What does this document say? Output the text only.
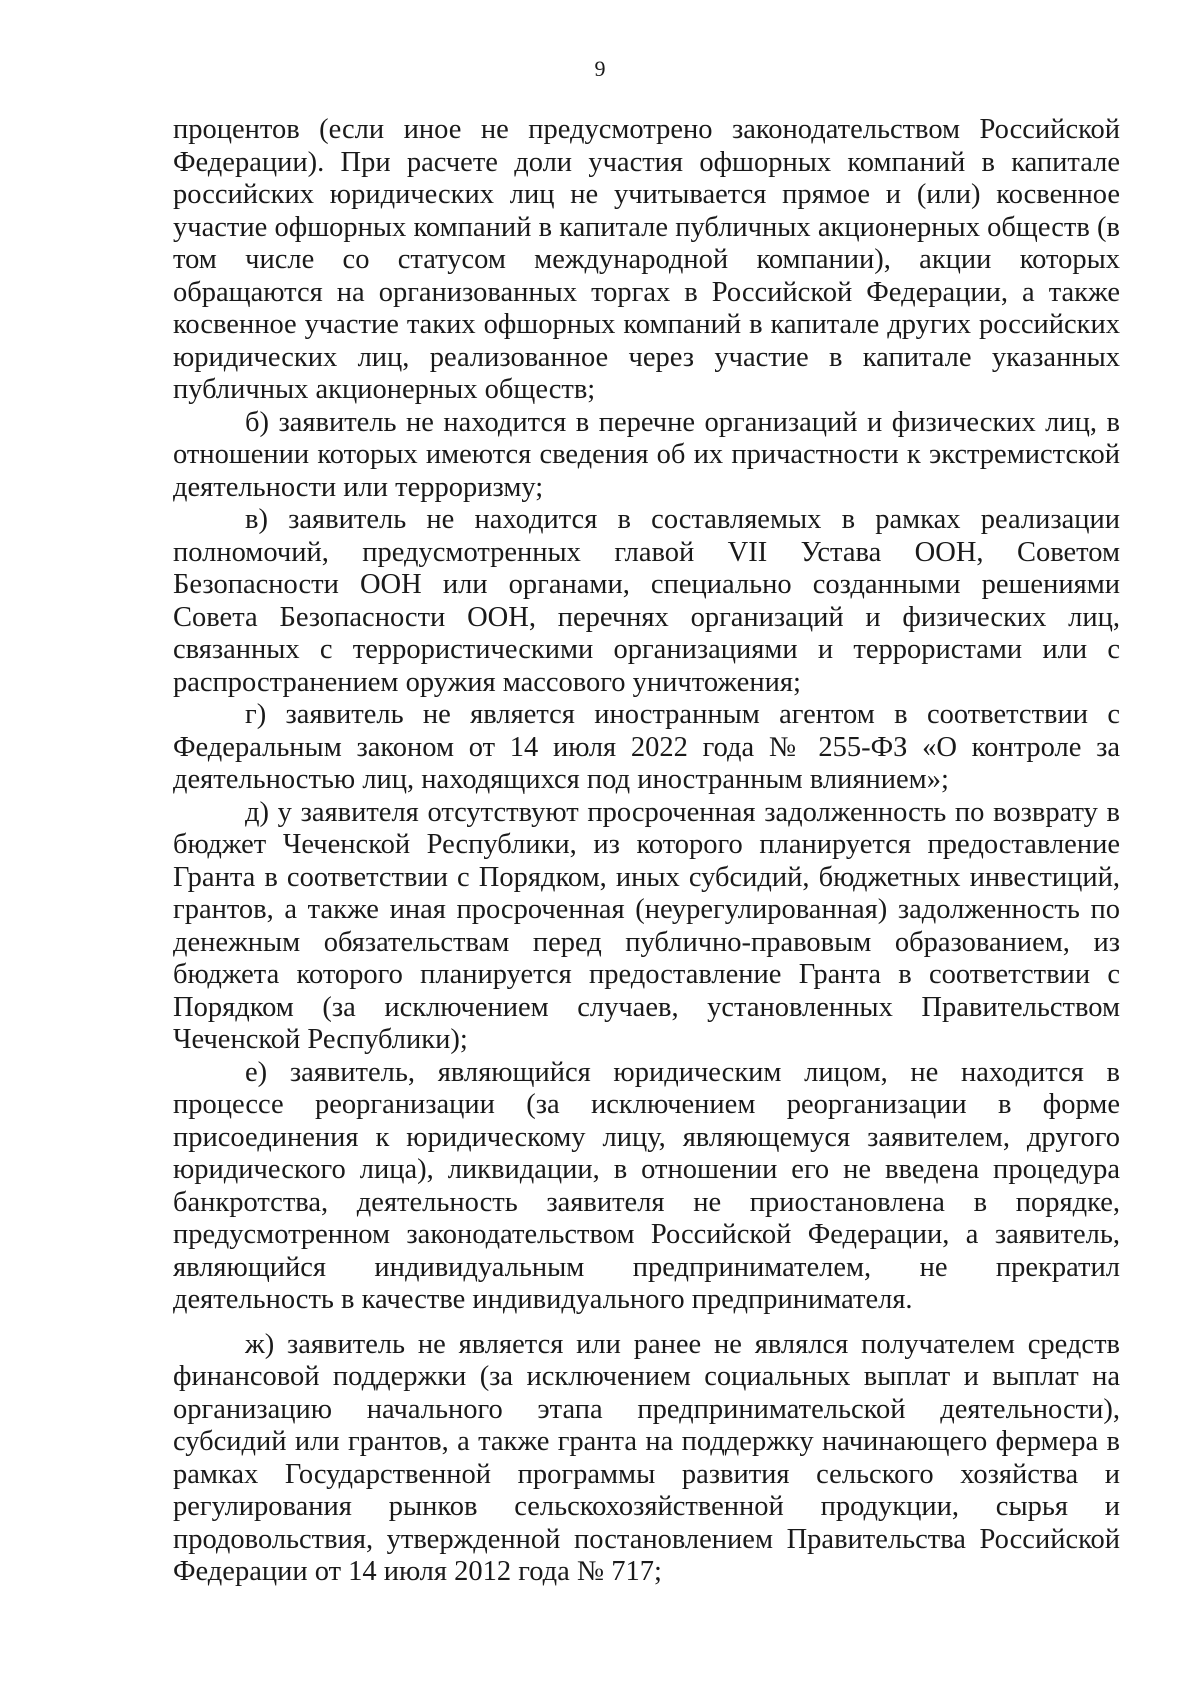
9

процентов (если иное не предусмотрено законодательством Российской Федерации). При расчете доли участия офшорных компаний в капитале российских юридических лиц не учитывается прямое и (или) косвенное участие офшорных компаний в капитале публичных акционерных обществ (в том числе со статусом международной компании), акции которых обращаются на организованных торгах в Российской Федерации, а также косвенное участие таких офшорных компаний в капитале других российских юридических лиц, реализованное через участие в капитале указанных публичных акционерных обществ;

б) заявитель не находится в перечне организаций и физических лиц, в отношении которых имеются сведения об их причастности к экстремистской деятельности или терроризму;

в) заявитель не находится в составляемых в рамках реализации полномочий, предусмотренных главой VII Устава ООН, Советом Безопасности ООН или органами, специально созданными решениями Совета Безопасности ООН, перечнях организаций и физических лиц, связанных с террористическими организациями и террористами или с распространением оружия массового уничтожения;

г) заявитель не является иностранным агентом в соответствии с Федеральным законом от 14 июля 2022 года № 255-ФЗ «О контроле за деятельностью лиц, находящихся под иностранным влиянием»;

д) у заявителя отсутствуют просроченная задолженность по возврату в бюджет Чеченской Республики, из которого планируется предоставление Гранта в соответствии с Порядком, иных субсидий, бюджетных инвестиций, грантов, а также иная просроченная (неурегулированная) задолженность по денежным обязательствам перед публично-правовым образованием, из бюджета которого планируется предоставление Гранта в соответствии с Порядком (за исключением случаев, установленных Правительством Чеченской Республики);

е) заявитель, являющийся юридическим лицом, не находится в процессе реорганизации (за исключением реорганизации в форме присоединения к юридическому лицу, являющемуся заявителем, другого юридического лица), ликвидации, в отношении его не введена процедура банкротства, деятельность заявителя не приостановлена в порядке, предусмотренном законодательством Российской Федерации, а заявитель, являющийся индивидуальным предпринимателем, не прекратил деятельность в качестве индивидуального предпринимателя.

ж) заявитель не является или ранее не являлся получателем средств финансовой поддержки (за исключением социальных выплат и выплат на организацию начального этапа предпринимательской деятельности), субсидий или грантов, а также гранта на поддержку начинающего фермера в рамках Государственной программы развития сельского хозяйства и регулирования рынков сельскохозяйственной продукции, сырья и продовольствия, утвержденной постановлением Правительства Российской Федерации от 14 июля 2012 года № 717;
